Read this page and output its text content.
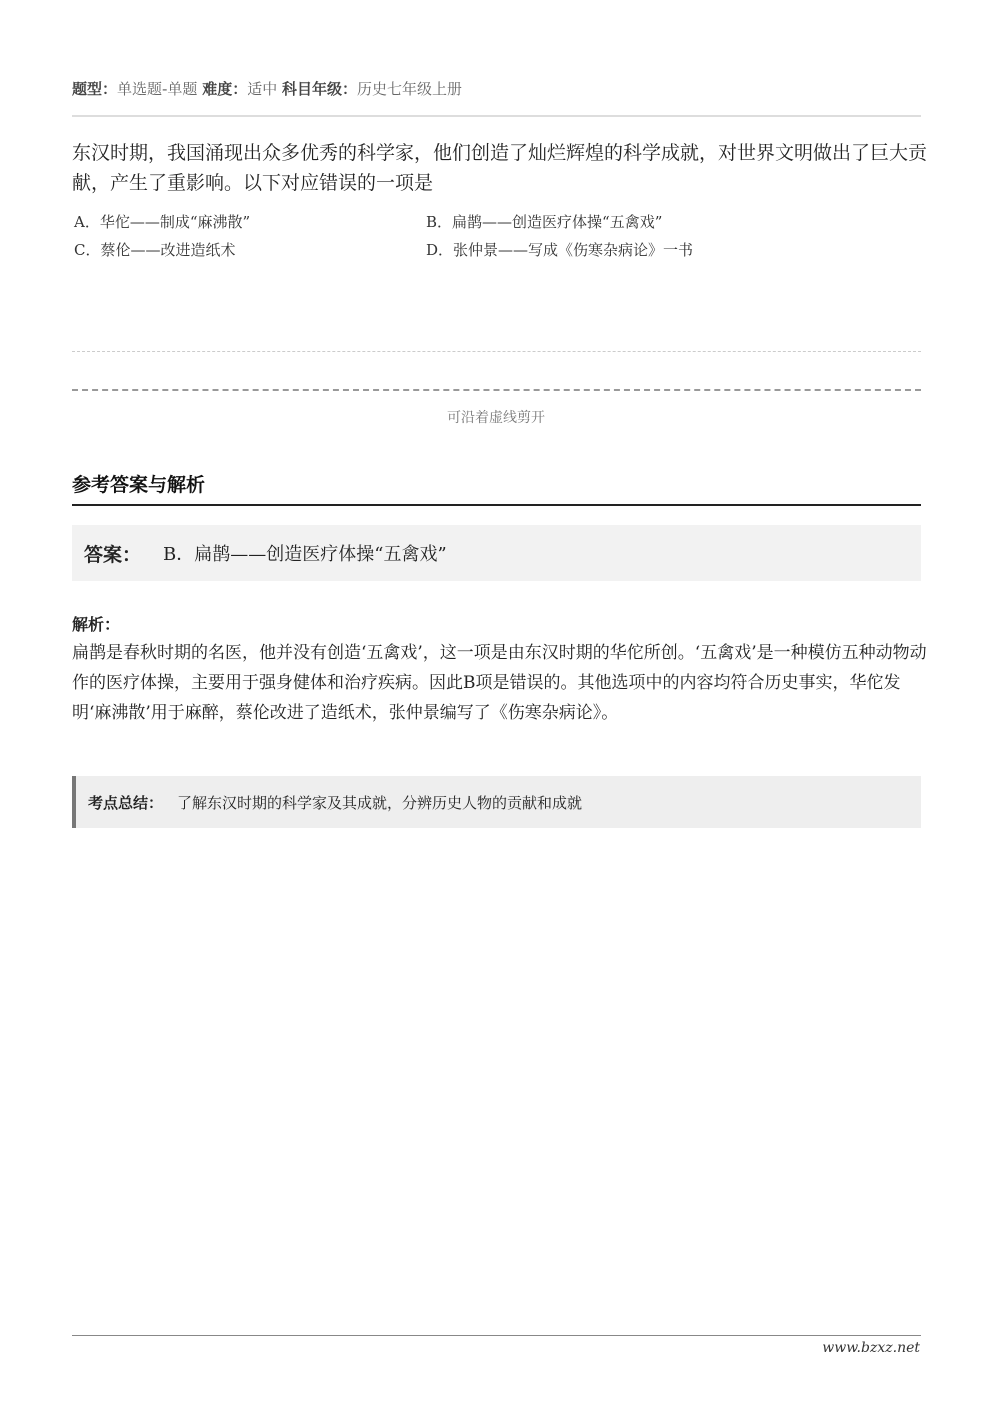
题型：单选题-单题 难度：适中 科目年级：历史七年级上册
东汉时期，我国涌现出众多优秀的科学家，他们创造了灿烂辉煌的科学成就，对世界文明做出了巨大贡献，产生了重影响。以下对应错误的一项是
A．华佗——制成“麻沸散”	B．扁鹊——创造医疗体操“五禽戏”
C．蔡伦——改进造纸术	D．张仲景——写成《伤寒杂病论》一书
可沿着虚线剪开
参考答案与解析
答案： B．扁鹊——创造医疗体操“五禽戏”
解析：
扁鹊是春秋时期的名医，他并没有创造‘五禽戏’，这一项是由东汉时期的华佗所创。‘五禽戏’是一种模仿五种动物动作的医疗体操，主要用于强身健体和治疗疾病。因此B项是错误的。其他选项中的内容均符合历史事实，华佗发明‘麻沸散’用于麻醉，蔡伦改进了造纸术，张仲景编写了《伤寒杂病论》。
考点总结： 了解东汉时期的科学家及其成就，分辨历史人物的贡献和成就
www.bzxz.net
